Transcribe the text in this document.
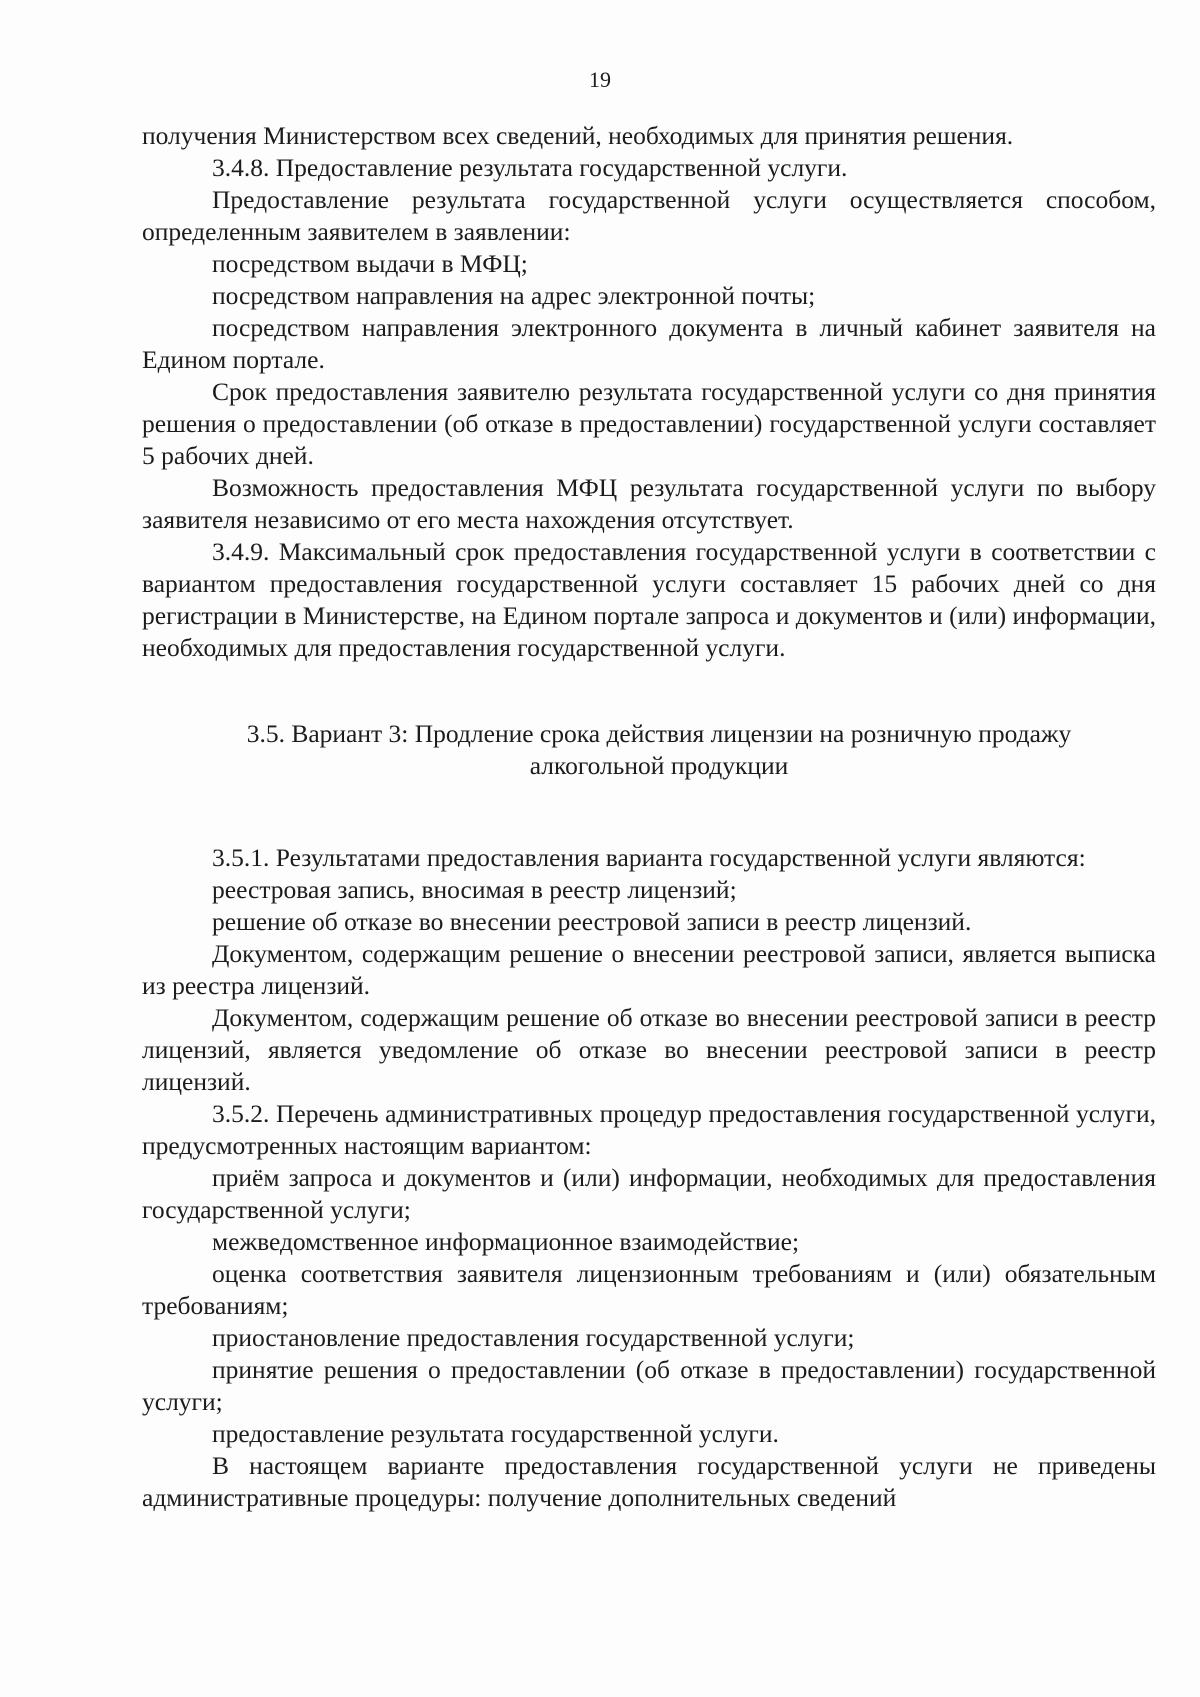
19

получения Министерством всех сведений, необходимых для принятия решения.

3.4.8. Предоставление результата государственной услуги.

Предоставление результата государственной услуги осуществляется способом, определенным заявителем в заявлении:

посредством выдачи в МФЦ;

посредством направления на адрес электронной почты;

посредством направления электронного документа в личный кабинет заявителя на Едином портале.

Срок предоставления заявителю результата государственной услуги со дня принятия решения о предоставлении (об отказе в предоставлении) государственной услуги составляет 5 рабочих дней.

Возможность предоставления МФЦ результата государственной услуги по выбору заявителя независимо от его места нахождения отсутствует.

3.4.9. Максимальный срок предоставления государственной услуги в соответствии с вариантом предоставления государственной услуги составляет 15 рабочих дней со дня регистрации в Министерстве, на Едином портале запроса и документов и (или) информации, необходимых для предоставления государственной услуги.

3.5. Вариант 3: Продление срока действия лицензии на розничную продажу

алкогольной продукции

3.5.1. Результатами предоставления варианта государственной услуги являются:

реестровая запись, вносимая в реестр лицензий;

решение об отказе во внесении реестровой записи в реестр лицензий.

Документом, содержащим решение о внесении реестровой записи, является выписка из реестра лицензий.

Документом, содержащим решение об отказе во внесении реестровой записи в реестр лицензий, является уведомление об отказе во внесении реестровой записи в реестр лицензий.

3.5.2. Перечень административных процедур предоставления государственной услуги, предусмотренных настоящим вариантом:

приём запроса и документов и (или) информации, необходимых для предоставления государственной услуги;

межведомственное информационное взаимодействие;

оценка соответствия заявителя лицензионным требованиям и (или) обязательным требованиям;

приостановление предоставления государственной услуги;

принятие решения о предоставлении (об отказе в предоставлении) государственной услуги;

предоставление результата государственной услуги.

В настоящем варианте предоставления государственной услуги не приведены административные процедуры: получение дополнительных сведений
